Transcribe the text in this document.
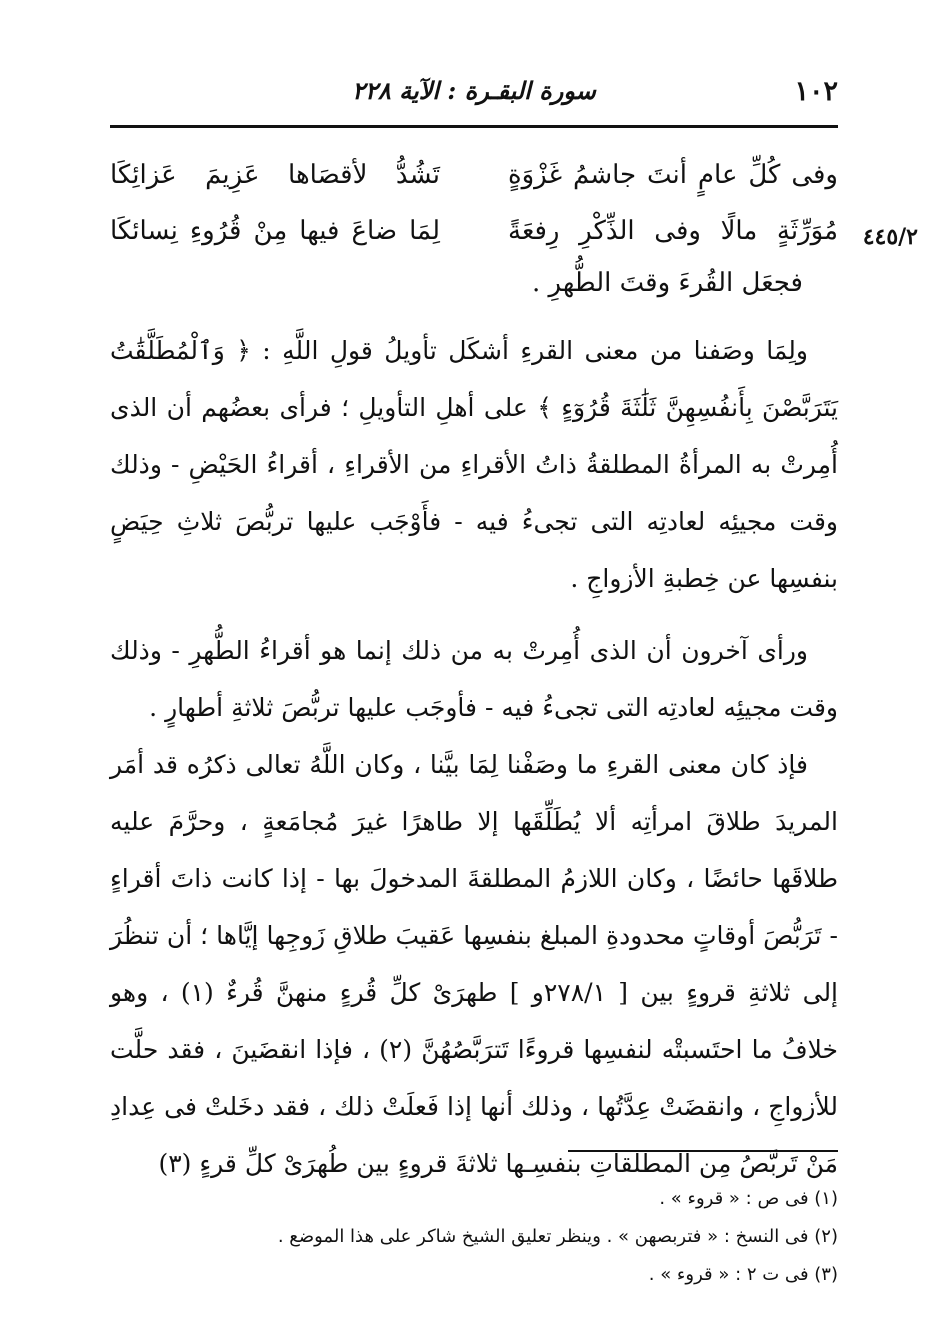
١٠٢
سورة البقـرة : الآية ٢٢٨
وفى كُلِّ عامٍ أنتَ جاشمُ غَزْوَةٍ
تَشُدُّ لأقصَاها عَزِيمَ عَزائِكَا
مُوَرِّثَةٍ مالًا وفى الذِّكْرِ رِفعَةً
لِمَا ضاعَ فيها مِنْ قُرُوءِ نِسائكَا	٤٤٥/٢
فجعَل القُرءَ وقتَ الطُّهرِ .

ولِمَا وصَفنا من معنى القرءِ أشكَل تأويلُ قولِ اللَّهِ : ﴿ وَٱلْمُطَلَّقَٰتُ يَتَرَبَّصْنَ بِأَنفُسِهِنَّ ثَلَٰثَةَ قُرُوٓءٍ ﴾ على أهلِ التأويلِ ؛ فرأى بعضُهم أن الذى أُمِرتْ به المرأةُ المطلقةُ ذاتُ الأقراءِ من الأقراءِ ، أقراءُ الحَيْضِ - وذلك وقت مجيئِه لعادتِه التى تجىءُ فيه - فأَوْجَب عليها تربُّصَ ثلاثِ حِيَضٍ بنفسِها عن خِطبةِ الأزواجِ .

ورأى آخرون أن الذى أُمِرتْ به من ذلك إنما هو أقراءُ الطُّهرِ - وذلك وقت مجيئِه لعادتِه التى تجىءُ فيه - فأوجَب عليها تربُّصَ ثلاثةِ أطهارٍ .

فإذ كان معنى القرءِ ما وصَفْنا لِمَا بيَّنا ، وكان اللَّهُ تعالى ذكرُه قد أمَر المريدَ طلاقَ امرأتِه ألا يُطَلِّقَها إلا طاهرًا غيرَ مُجامَعةٍ ، وحرَّمَ عليه طلاقَها حائضًا ، وكان اللازمُ المطلقةَ المدخولَ بها - إذا كانت ذاتَ أقراءٍ - تَرَبُّصَ أوقاتٍ محدودةِ المبلغ بنفسِها عَقيبَ طلاقِ زَوجِها إيَّاها ؛ أن تنظُرَ إلى ثلاثةِ قروءٍ بين [ ٢٧٨/١و ] طهرَىْ كلِّ قُرءٍ منهنَّ قُرءٌ (١) ، وهو خلافُ ما احتَسبتْه لنفسِها قروءًا تَترَبَّصُهُنَّ (٢) ، فإذا انقضَينَ ، فقد حلَّت للأزواجِ ، وانقضَتْ عِدَّتُها ، وذلك أنها إذا فَعلَتْ ذلك ، فقد دخَلتْ فى عِدادِ مَنْ تَربَّصُ مِن المطلقاتِ بنفسِـها ثلاثةَ قروءٍ بين طُهرَىْ كلِّ قرءٍ (٣)

(١) فى ص : « قروء » .
(٢) فى النسخ : « فتربصهن » . وينظر تعليق الشيخ شاكر على هذا الموضع .
(٣) فى ت ٢ : « قروء » .
